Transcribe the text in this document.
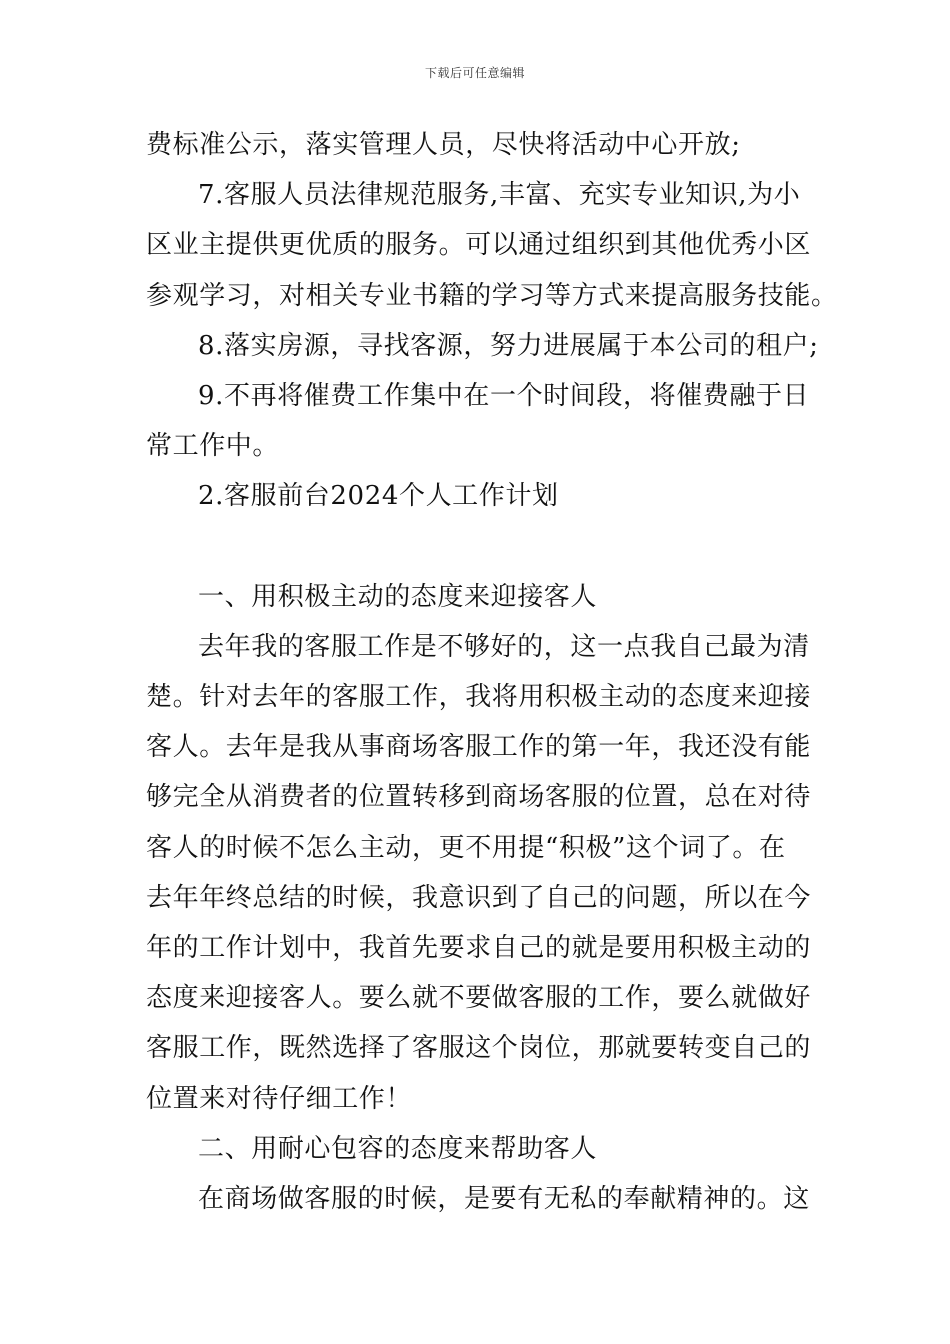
下载后可任意编辑
费标准公示，落实管理人员，尽快将活动中心开放;
7.客服人员法律规范服务,丰富、充实专业知识,为小
区业主提供更优质的服务。可以通过组织到其他优秀小区
参观学习，对相关专业书籍的学习等方式来提高服务技能。
8.落实房源，寻找客源，努力进展属于本公司的租户;
9.不再将催费工作集中在一个时间段，将催费融于日
常工作中。
2.客服前台2024个人工作计划
一、用积极主动的态度来迎接客人
去年我的客服工作是不够好的，这一点我自己最为清
楚。针对去年的客服工作，我将用积极主动的态度来迎接
客人。去年是我从事商场客服工作的第一年，我还没有能
够完全从消费者的位置转移到商场客服的位置，总在对待
客人的时候不怎么主动，更不用提“积极”这个词了。在
去年年终总结的时候，我意识到了自己的问题，所以在今
年的工作计划中，我首先要求自己的就是要用积极主动的
态度来迎接客人。要么就不要做客服的工作，要么就做好
客服工作，既然选择了客服这个岗位，那就要转变自己的
位置来对待仔细工作！
二、用耐心包容的态度来帮助客人
在商场做客服的时候，是要有无私的奉献精神的。这
